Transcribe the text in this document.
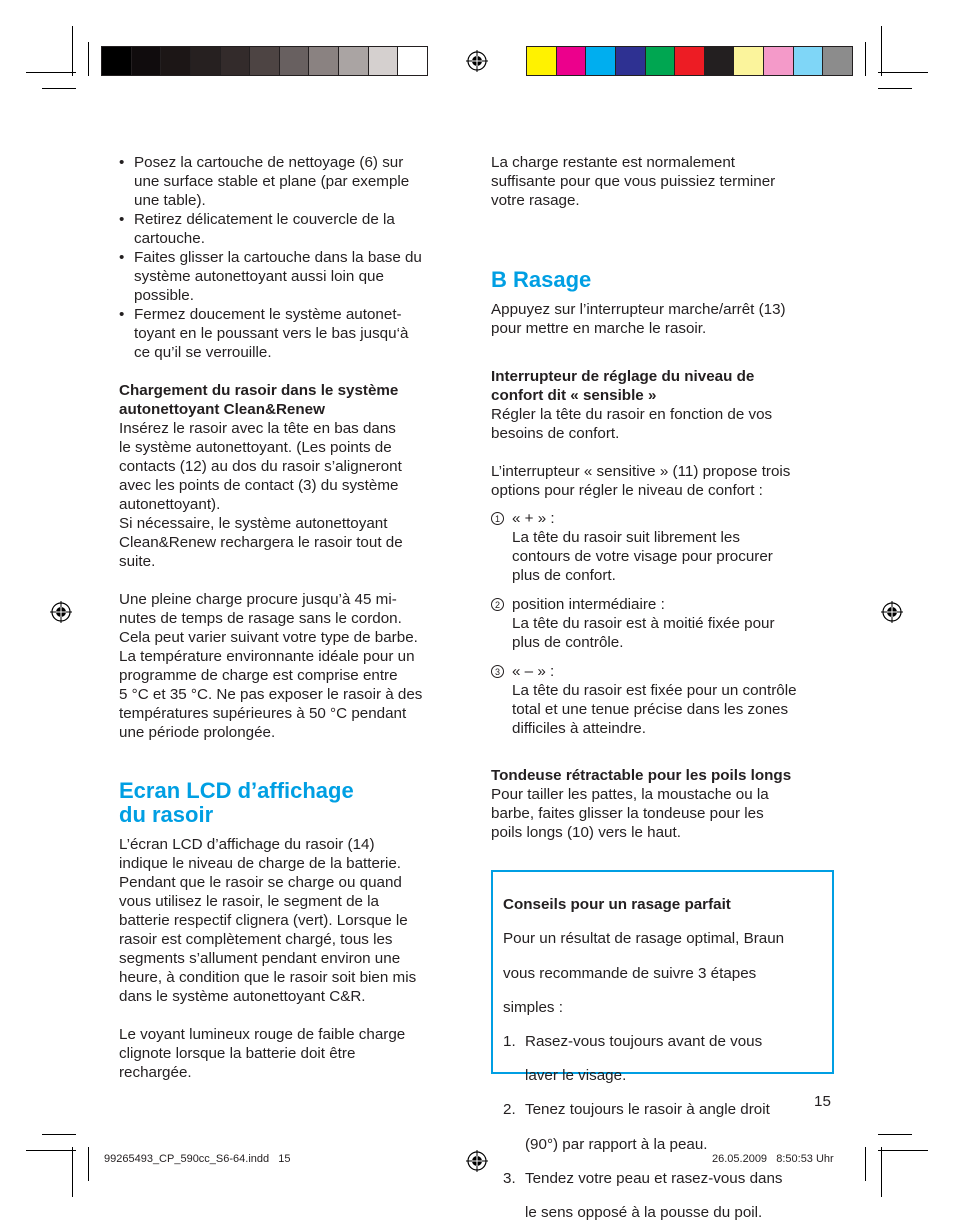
• Posez la cartouche de nettoyage (6) sur

une surface stable et plane (par exemple

une table).

• Retirez délicatement le couvercle de la

cartouche.

• Faites glisser la cartouche dans la base du

système autonettoyant aussi loin que

possible.

• Fermez doucement le système autonet-

toyant en le poussant vers le bas jusqu‘à

ce qu’il se verrouille.

Chargement du rasoir dans le système

autonettoyant Clean&Renew

Insérez le rasoir avec la tête en bas dans

le système autonettoyant. (Les points de

contacts (12) au dos du rasoir s’aligneront

avec les points de contact (3) du système

autonettoyant).

Si nécessaire, le système autonettoyant

Clean&Renew rechargera le rasoir tout de

suite.

Une pleine charge procure jusqu’à 45 mi-

nutes de temps de rasage sans le cordon.

Cela peut varier suivant votre type de barbe.

La température environnante idéale pour un

programme de charge est comprise entre

5 °C et 35 °C. Ne pas exposer le rasoir à des

températures supérieures à 50 °C pendant

une période prolongée.

Ecran LCD d’affichage

du rasoir

L’écran LCD d’affichage du rasoir (14)

indique le niveau de charge de la batterie.

Pendant que le rasoir se charge ou quand

vous utilisez le rasoir, le segment de la

batterie respectif clignera (vert). Lorsque le

rasoir est complètement chargé, tous les

segments s’allument pendant environ une

heure, à condition que le rasoir soit bien mis

dans le système autonettoyant C&R.

Le voyant lumineux rouge de faible charge

clignote lorsque la batterie doit être

rechargée.

La charge restante est normalement

suffisante pour que vous puissiez terminer

votre rasage.

B Rasage

Appuyez sur l’interrupteur marche/arrêt (13)

pour mettre en marche le rasoir.

Interrupteur de réglage du niveau de

confort dit « sensible »

Régler la tête du rasoir en fonction de vos

besoins de confort.

L’interrupteur « sensitive » (11) propose trois

options pour régler le niveau de confort :

1 « + » :

La tête du rasoir suit librement les

contours de votre visage pour procurer

plus de confort.

2 position intermédiaire :

La tête du rasoir est à moitié fixée pour

plus de contrôle.

3 « – » :

La tête du rasoir est fixée pour un contrôle

total et une tenue précise dans les zones

difficiles à atteindre.

Tondeuse rétractable pour les poils longs

Pour tailler les pattes, la moustache ou la

barbe, faites glisser la tondeuse pour les

poils longs (10) vers le haut.

Conseils pour un rasage parfait

Pour un résultat de rasage optimal, Braun

vous recommande de suivre 3 étapes

simples :

1. Rasez-vous toujours avant de vous

laver le visage.

2. Tenez toujours le rasoir à angle droit

(90°) par rapport à la peau.

3. Tendez votre peau et rasez-vous dans

le sens opposé à la pousse du poil.

15
99265493_CP_590cc_S6-64.indd   15	26.05.2009   8:50:53 Uhr
